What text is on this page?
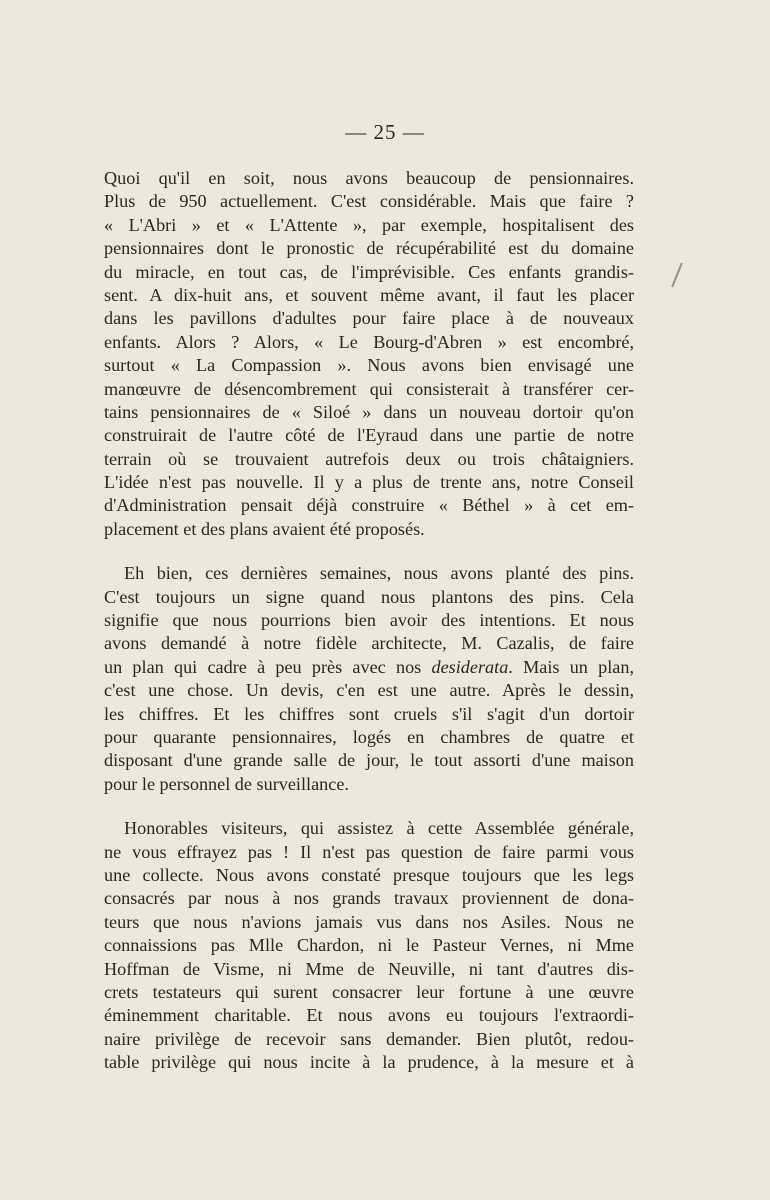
— 25 —

Quoi qu'il en soit, nous avons beaucoup de pensionnaires.
Plus de 950 actuellement. C'est considérable. Mais que faire ?
« L'Abri » et « L'Attente », par exemple, hospitalisent des
pensionnaires dont le pronostic de récupérabilité est du domaine
du miracle, en tout cas, de l'imprévisible. Ces enfants grandis-
sent. A dix-huit ans, et souvent même avant, il faut les placer
dans les pavillons d'adultes pour faire place à de nouveaux
enfants. Alors ? Alors, « Le Bourg-d'Abren » est encombré,
surtout « La Compassion ». Nous avons bien envisagé une
manœuvre de désencombrement qui consisterait à transférer cer-
tains pensionnaires de « Siloé » dans un nouveau dortoir qu'on
construirait de l'autre côté de l'Eyraud dans une partie de notre
terrain où se trouvaient autrefois deux ou trois châtaigniers.
L'idée n'est pas nouvelle. Il y a plus de trente ans, notre Conseil
d'Administration pensait déjà construire « Béthel » à cet em-
placement et des plans avaient été proposés.

Eh bien, ces dernières semaines, nous avons planté des pins.
C'est toujours un signe quand nous plantons des pins. Cela
signifie que nous pourrions bien avoir des intentions. Et nous
avons demandé à notre fidèle architecte, M. Cazalis, de faire
un plan qui cadre à peu près avec nos desiderata. Mais un plan,
c'est une chose. Un devis, c'en est une autre. Après le dessin,
les chiffres. Et les chiffres sont cruels s'il s'agit d'un dortoir
pour quarante pensionnaires, logés en chambres de quatre et
disposant d'une grande salle de jour, le tout assorti d'une maison
pour le personnel de surveillance.

Honorables visiteurs, qui assistez à cette Assemblée générale,
ne vous effrayez pas ! Il n'est pas question de faire parmi vous
une collecte. Nous avons constaté presque toujours que les legs
consacrés par nous à nos grands travaux proviennent de dona-
teurs que nous n'avions jamais vus dans nos Asiles. Nous ne
connaissions pas Mlle Chardon, ni le Pasteur Vernes, ni Mme
Hoffman de Visme, ni Mme de Neuville, ni tant d'autres dis-
crets testateurs qui surent consacrer leur fortune à une œuvre
éminemment charitable. Et nous avons eu toujours l'extraordi-
naire privilège de recevoir sans demander. Bien plutôt, redou-
table privilège qui nous incite à la prudence, à la mesure et à
